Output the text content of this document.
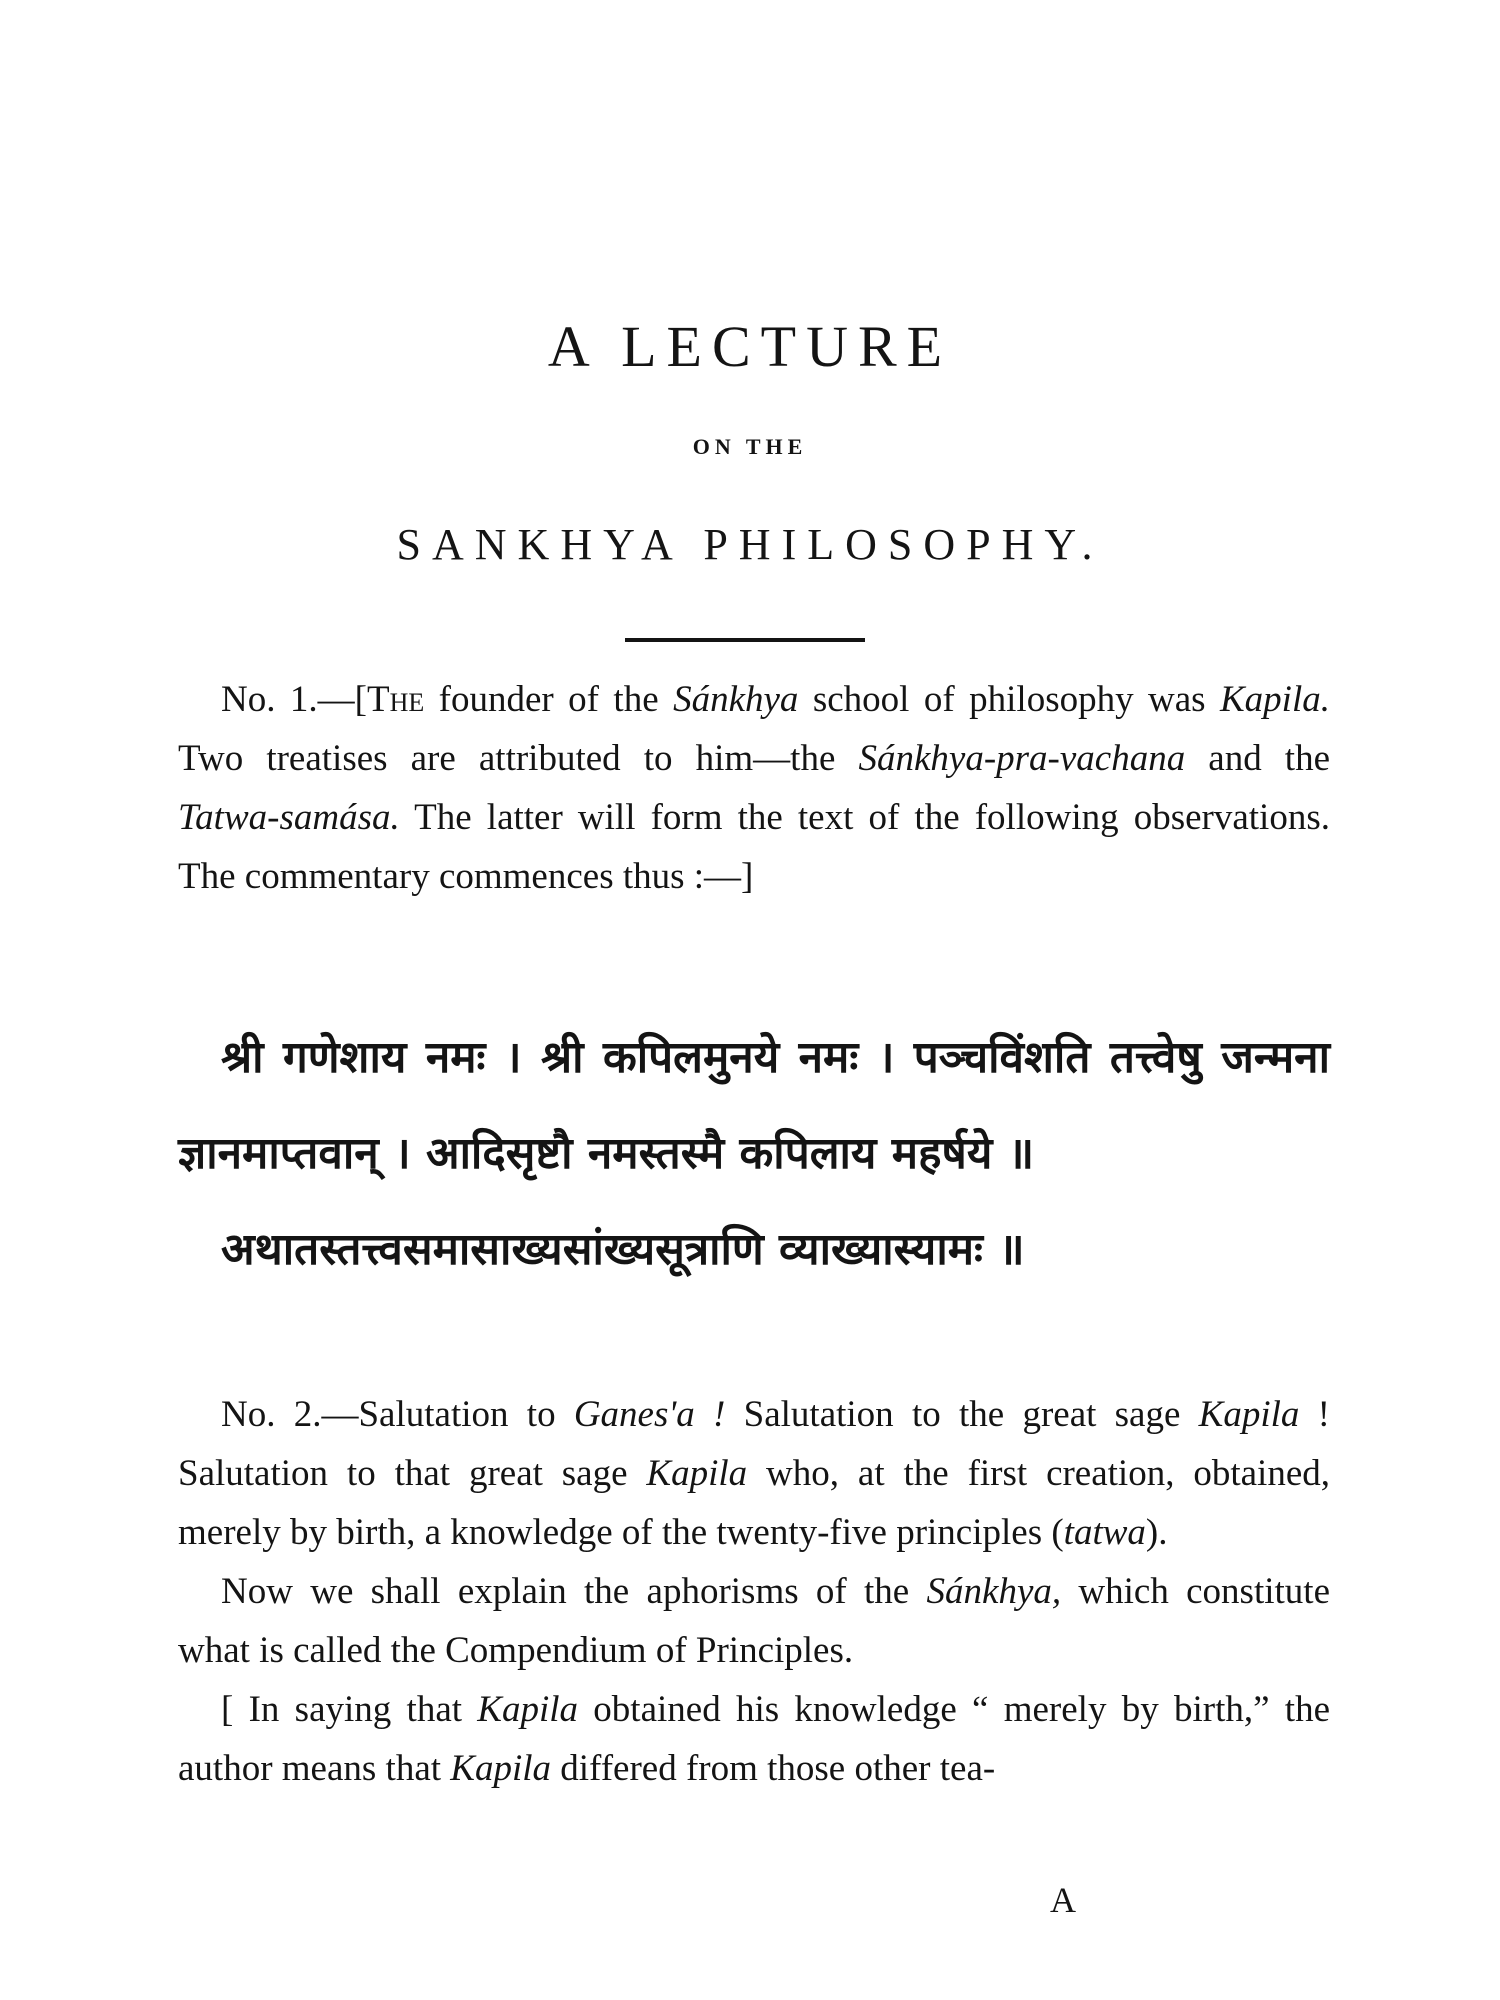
A LECTURE
ON THE
SANKHYA PHILOSOPHY.

No. 1.—[The founder of the Sánkhya school of philosophy was Kapila. Two treatises are attributed to him—the Sánkhya-pra-vachana and the Tatwa-samása. The latter will form the text of the following observations. The commentary commences thus :—]

श्री गणेशाय नमः । श्री कपिलमुनये नमः । पञ्चविंशति तत्त्वेषु जन्मना ज्ञानमाप्तवान् । आदिसृष्टौ नमस्तस्मै कपिलाय महर्षये ॥

अथातस्तत्त्वसमासाख्यसांख्यसूत्राणि व्याख्यास्यामः ॥

No. 2.—Salutation to Ganes'a ! Salutation to the great sage Kapila ! Salutation to that great sage Kapila who, at the first creation, obtained, merely by birth, a knowledge of the twenty-five principles (tatwa).

Now we shall explain the aphorisms of the Sánkhya, which constitute what is called the Compendium of Principles.

[ In saying that Kapila obtained his knowledge “ merely by birth,” the author means that Kapila differed from those other tea-

A
